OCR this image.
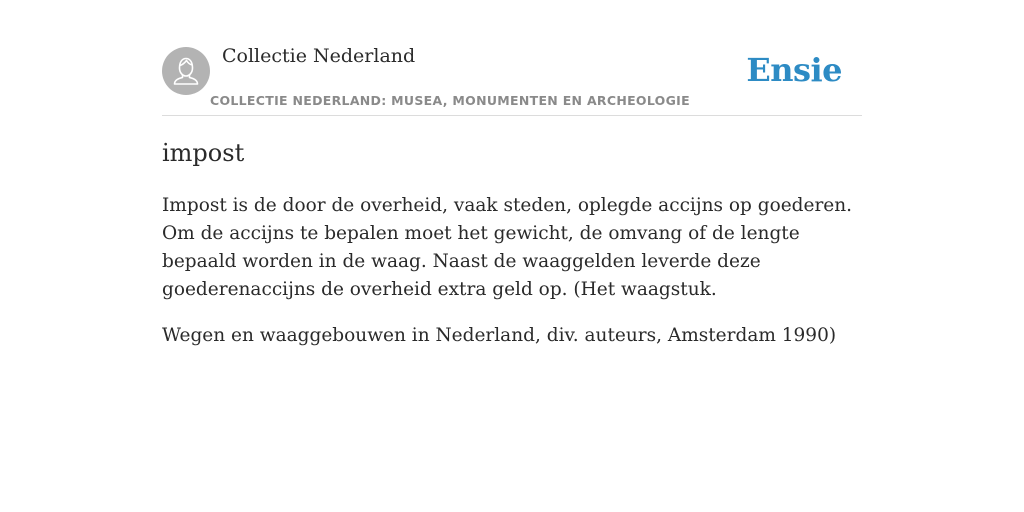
Collectie Nederland
COLLECTIE NEDERLAND: MUSEA, MONUMENTEN EN ARCHEOLOGIE
Ensie
impost

Impost is de door de overheid, vaak steden, oplegde accijns op goederen. Om de accijns te bepalen moet het gewicht, de omvang of de lengte bepaald worden in de waag. Naast de waaggelden leverde deze goederenaccijns de overheid extra geld op. (Het waagstuk.

Wegen en waaggebouwen in Nederland, div. auteurs, Amsterdam 1990)
